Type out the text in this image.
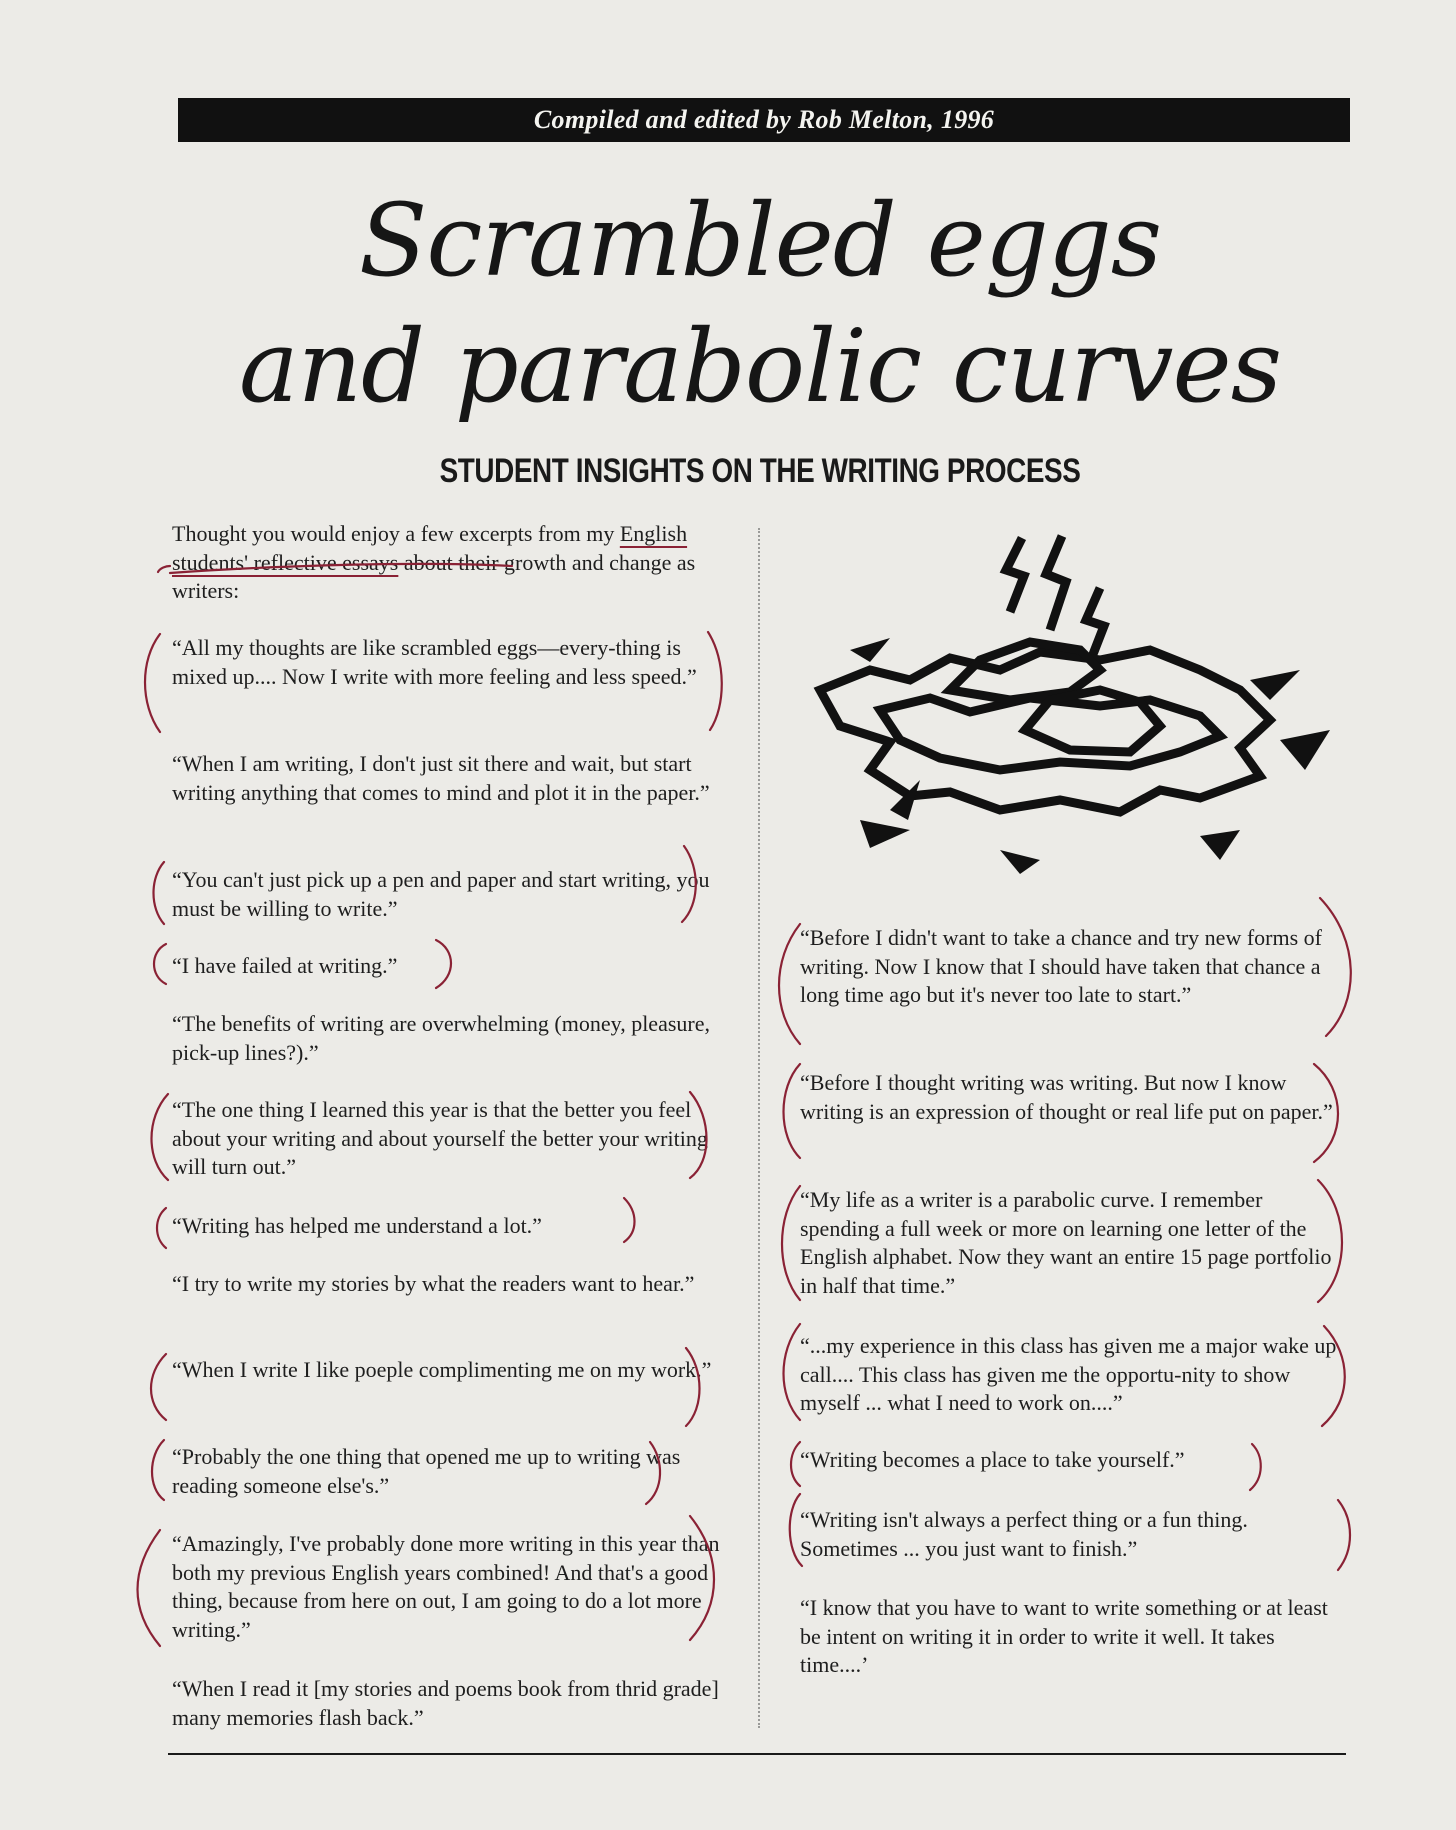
Compiled and edited by Rob Melton, 1996
Scrambled eggs
and parabolic curves
STUDENT INSIGHTS ON THE WRITING PROCESS

Thought you would enjoy a few excerpts from my English students' reflective essays about their growth and change as writers:

“All my thoughts are like scrambled eggs—every-thing is mixed up.... Now I write with more feeling and less speed.”

“When I am writing, I don't just sit there and wait, but start writing anything that comes to mind and plot it in the paper.”

“You can't just pick up a pen and paper and start writing, you must be willing to write.”

“I have failed at writing.”

“The benefits of writing are overwhelming (money, pleasure, pick-up lines?).”

“The one thing I learned this year is that the better you feel about your writing and about yourself the better your writing will turn out.”

“Writing has helped me understand a lot.”

“I try to write my stories by what the readers want to hear.”

“When I write I like poeple complimenting me on my work.”

“Probably the one thing that opened me up to writing was reading someone else's.”

“Amazingly, I've probably done more writing in this year than both my previous English years combined! And that's a good thing, because from here on out, I am going to do a lot more writing.”

“When I read it [my stories and poems book from thrid grade] many memories flash back.”

“Before I didn't want to take a chance and try new forms of writing. Now I know that I should have taken that chance a long time ago but it's never too late to start.”

“Before I thought writing was writing. But now I know writing is an expression of thought or real life put on paper.”

“My life as a writer is a parabolic curve. I remember spending a full week or more on learning one letter of the English alphabet. Now they want an entire 15 page portfolio in half that time.”

“...my experience in this class has given me a major wake up call.... This class has given me the opportu-nity to show myself ... what I need to work on....”

“Writing becomes a place to take yourself.”

“Writing isn't always a perfect thing or a fun thing. Sometimes ... you just want to finish.”

“I know that you have to want to write something or at least be intent on writing it in order to write it well. It takes time....’
